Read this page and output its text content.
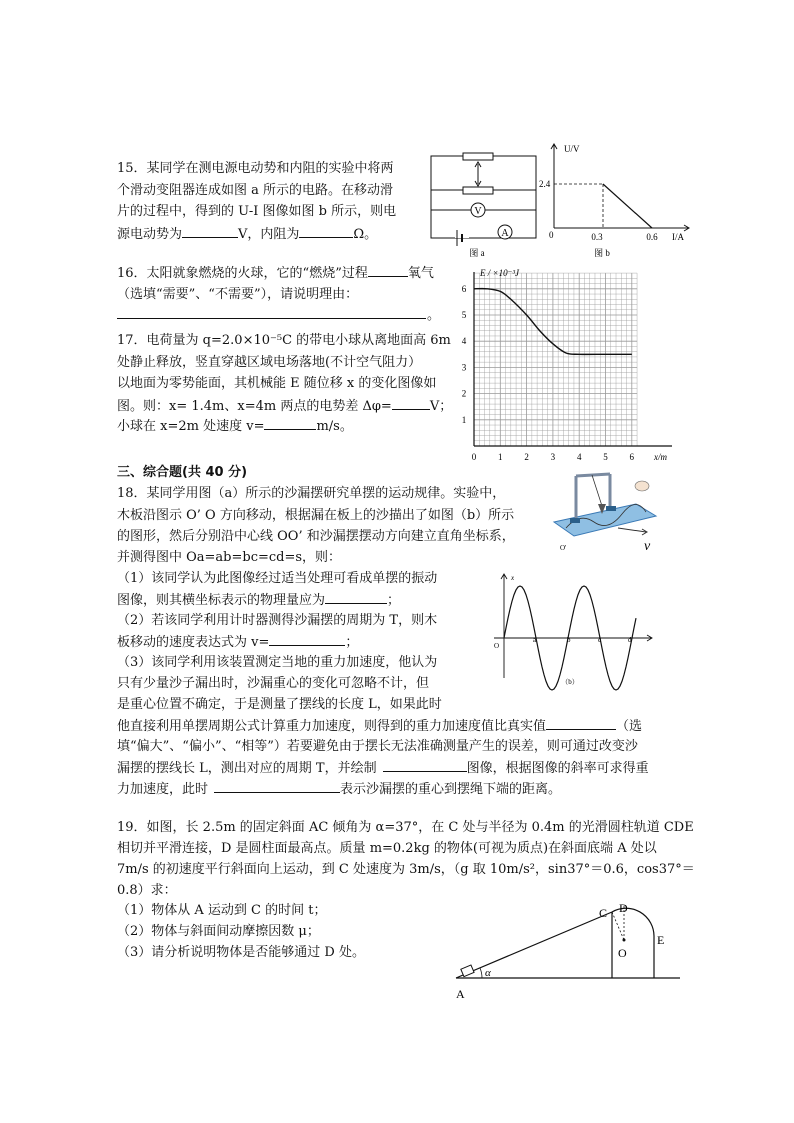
15．某同学在测电源电动势和内阻的实验中将两
个滑动变阻器连成如图 a 所示的电路。在移动滑
片的过程中，得到的 U-I 图像如图 b 所示，则电
源电动势为	V，内阻为	Ω。
V
A
图 a
U/V
I/A
2.4
0	0.3	0.6
图 b
16．太阳就象燃烧的火球，它的“燃烧”过程	氧气
（选填“需要”、“不需要”），请说明理由：
。
17．电荷量为 q=2.0×10⁻⁵C 的带电小球从离地面高 6m
处静止释放，竖直穿越区域电场落地(不计空气阻力）
以地面为零势能面，其机械能 E 随位移 x 的变化图像如
图。则：x= 1.4m、x=4m 两点的电势差 Δφ=	V；
小球在 x=2m 处速度 v=	m/s。
0 1 2 3 4 5 6
1
2
3
4
5
6
E / ×10⁻³J
x/m
三、综合题(共 40 分)
18．某同学用图（a）所示的沙漏摆研究单摆的运动规律。实验中，
木板沿图示 O’ O 方向移动，根据漏在板上的沙描出了如图（b）所示
的图形，然后分别沿中心线 OO’ 和沙漏摆摆动方向建立直角坐标系，
并测得图中 Oa=ab=bc=cd=s，则：
（1）该同学认为此图像经过适当处理可看成单摆的振动
图像，则其横坐标表示的物理量应为	；
（2）若该同学利用计时器测得沙漏摆的周期为 T，则木
板移动的速度表达式为 v=	；
（3）该同学利用该装置测定当地的重力加速度，他认为
只有少量沙子漏出时，沙漏重心的变化可忽略不计，但
是重心位置不确定，于是测量了摆线的长度 L，如果此时
他直接利用单摆周期公式计算重力加速度，则得到的重力加速度值比真实值	（选
填“偏大”、“偏小”、“相等”）若要避免由于摆长无法准确测量产生的误差，则可通过改变沙
漏摆的摆线长 L，测出对应的周期 T，并绘制	图像，根据图像的斜率可求得重
力加速度，此时	表示沙漏摆的重心到摆绳下端的距离。
v
O'
x
O
a	b	c	d
（b）
19．如图，长 2.5m 的固定斜面 AC 倾角为 α=37°，在 C 处与半径为 0.4m 的光滑圆柱轨道 CDE
相切并平滑连接，D 是圆柱面最高点。质量 m=0.2kg 的物体(可视为质点)在斜面底端 A 处以
7m/s 的初速度平行斜面向上运动，到 C 处速度为 3m/s，（g 取 10m/s²，sin37°＝0.6，cos37°＝
0.8）求：
（1）物体从 A 运动到 C 的时间 t；
（2）物体与斜面间动摩擦因数 μ；
（3）请分析说明物体是否能够通过 D 处。
A
C D
O
E
α
